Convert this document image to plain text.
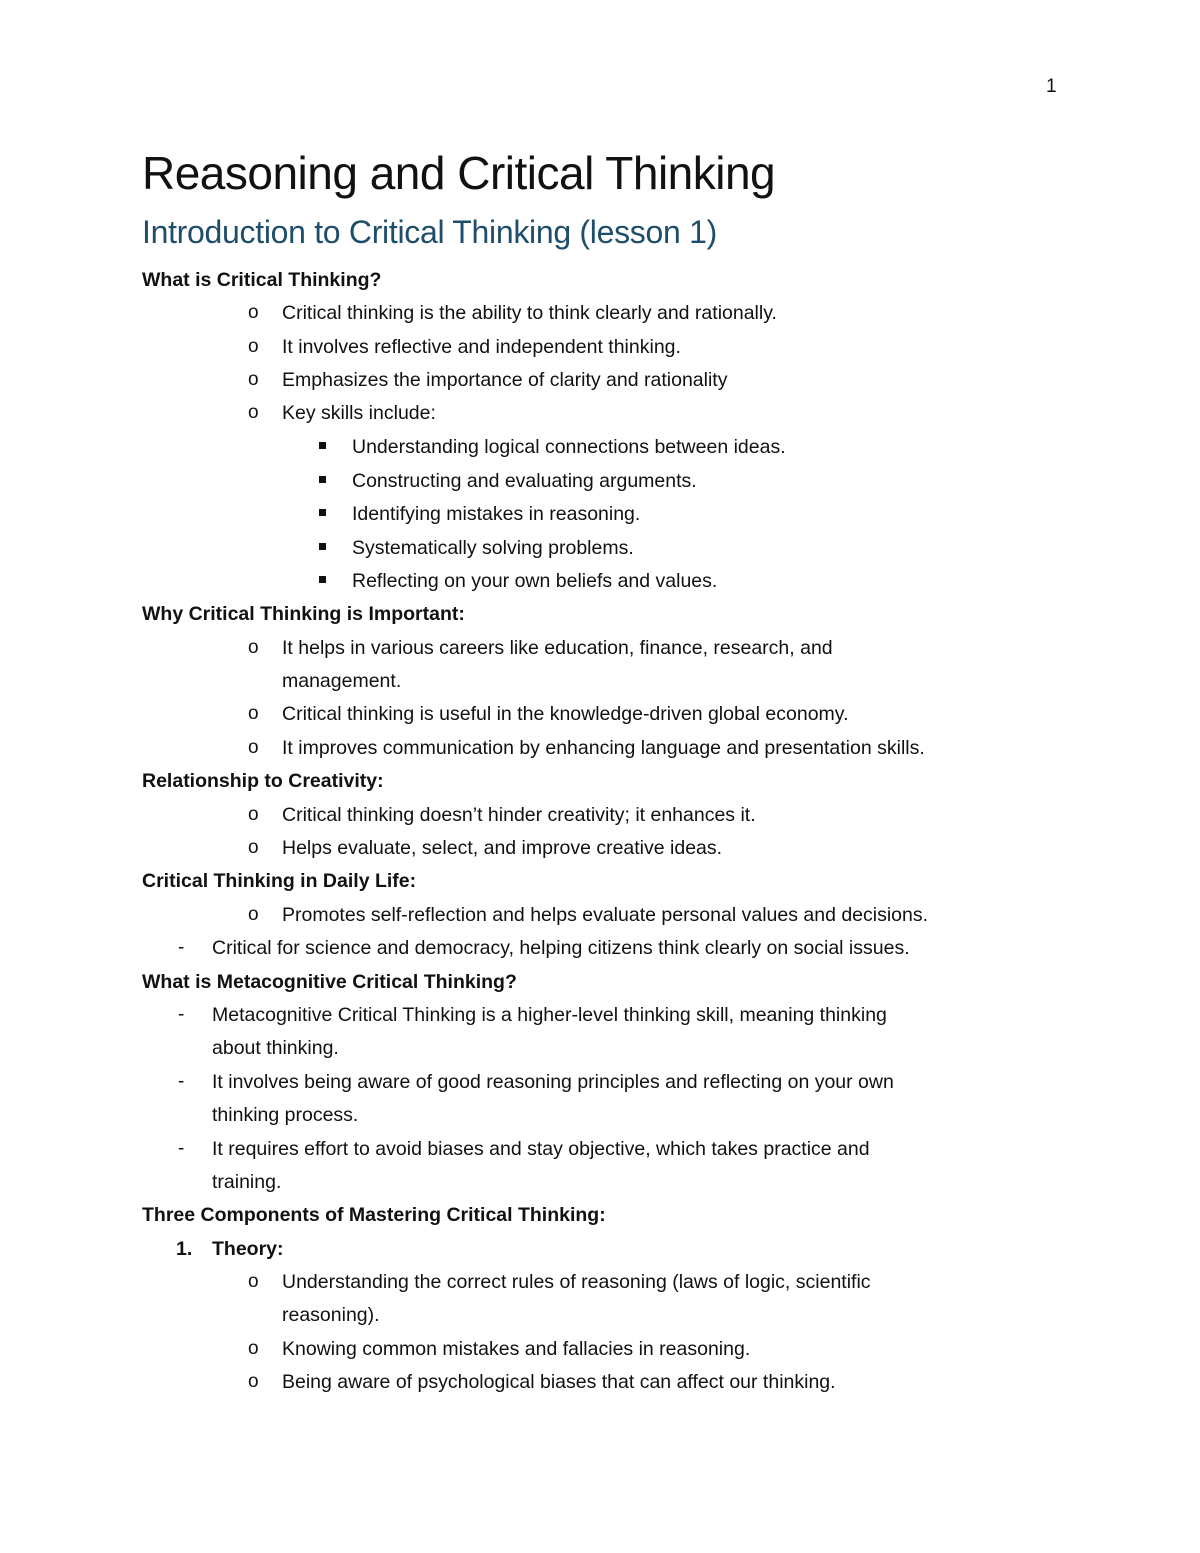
1
Reasoning and Critical Thinking
Introduction to Critical Thinking (lesson 1)
What is Critical Thinking?
o Critical thinking is the ability to think clearly and rationally.
o It involves reflective and independent thinking.
o Emphasizes the importance of clarity and rationality
o Key skills include:
Understanding logical connections between ideas.
Constructing and evaluating arguments.
Identifying mistakes in reasoning.
Systematically solving problems.
Reflecting on your own beliefs and values.
Why Critical Thinking is Important:
o It helps in various careers like education, finance, research, and
management.
o Critical thinking is useful in the knowledge-driven global economy.
o It improves communication by enhancing language and presentation skills.
Relationship to Creativity:
o Critical thinking doesn’t hinder creativity; it enhances it.
o Helps evaluate, select, and improve creative ideas.
Critical Thinking in Daily Life:
o Promotes self-reflection and helps evaluate personal values and decisions.
- Critical for science and democracy, helping citizens think clearly on social issues.
What is Metacognitive Critical Thinking?
- Metacognitive Critical Thinking is a higher-level thinking skill, meaning thinking
about thinking.
- It involves being aware of good reasoning principles and reflecting on your own
thinking process.
- It requires effort to avoid biases and stay objective, which takes practice and
training.
Three Components of Mastering Critical Thinking:
1. Theory:
o Understanding the correct rules of reasoning (laws of logic, scientific
reasoning).
o Knowing common mistakes and fallacies in reasoning.
o Being aware of psychological biases that can affect our thinking.
